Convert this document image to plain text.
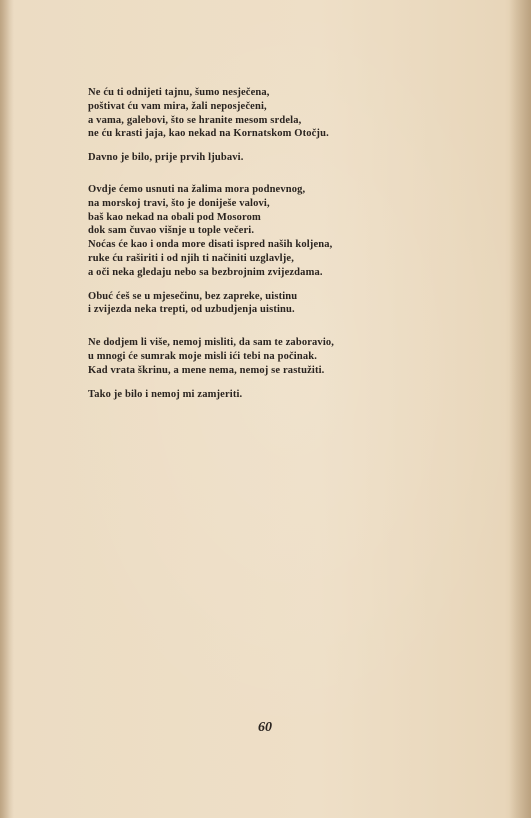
Ne ću ti odnijeti tajnu, šumo nesječena,
poštivat ću vam mira, žali neposječeni,
a vama, galebovi, što se hranite mesom srdela,
ne ću krasti jaja, kao nekad na Kornatskom Otočju.
Davno je bilo, prije prvih ljubavi.
Ovdje ćemo usnuti na žalima mora podnevnog,
na morskoj travi, što je doniješe valovi,
baš kao nekad na obali pod Mosorom
dok sam čuvao višnje u tople večeri.
Noćas će kao i onda more disati ispred naših koljena,
ruke ću raširiti i od njih ti načiniti uzglavlje,
a oči neka gledaju nebo sa bezbrojnim zvijezdama.
Obuć ćeš se u mjesečinu, bez zapreke, uistinu
i zvijezda neka trepti, od uzbudjenja uistinu.
Ne dodjem li više, nemoj misliti, da sam te zaboravio,
u mnogi će sumrak moje misli ići tebi na počinak.
Kad vrata škrinu, a mene nema, nemoj se rastužiti.
Tako je bilo i nemoj mi zamjeriti.
60
